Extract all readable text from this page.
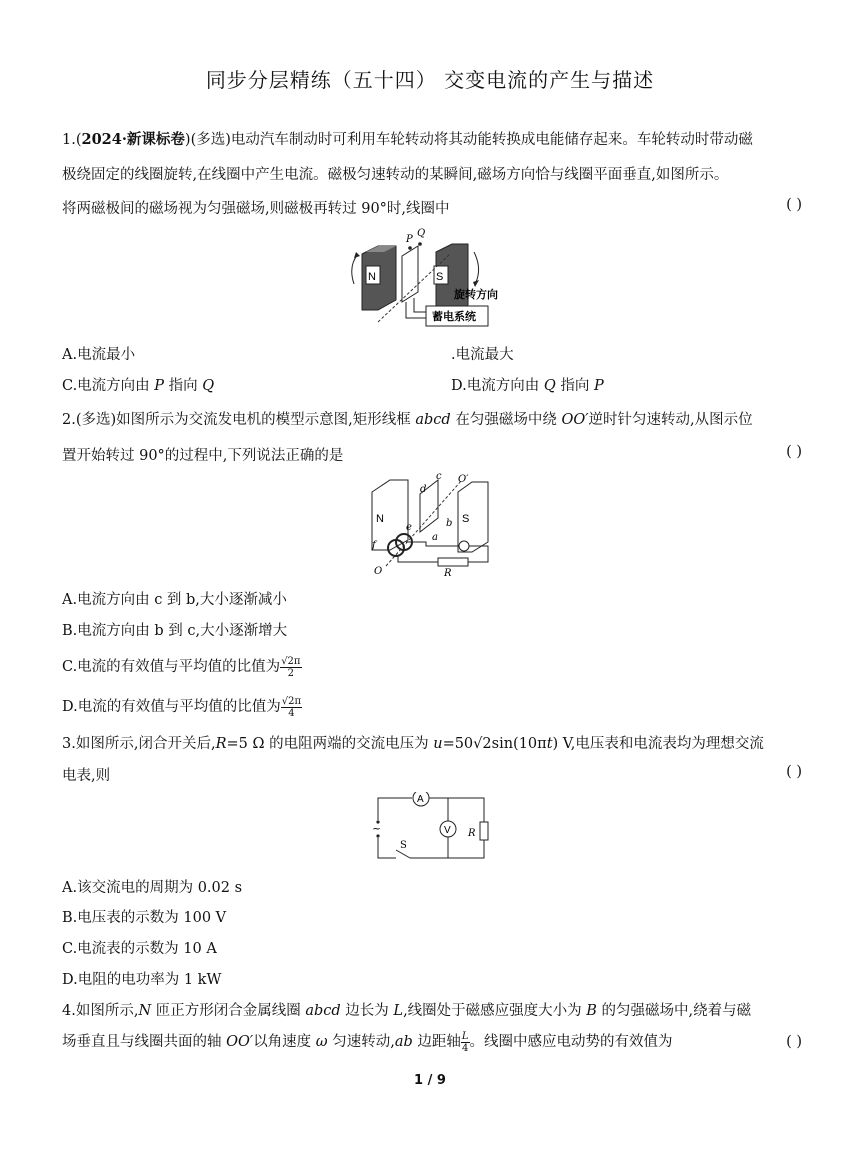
同步分层精练（五十四） 交变电流的产生与描述
1.(2024·新课标卷)(多选)电动汽车制动时可利用车轮转动将其动能转换成电能储存起来。车轮转动时带动磁
极绕固定的线圈旋转,在线圈中产生电流。磁极匀速转动的某瞬间,磁场方向恰与线圈平面垂直,如图所示。
将两磁极间的磁场视为匀强磁场,则磁极再转过 90°时,线圈中	( )
N	S
P
Q
旋转方向
蓄电系统
A.电流最小	.电流最大
C.电流方向由 P 指向 Q	D.电流方向由 Q 指向 P
2.(多选)如图所示为交流发电机的模型示意图,矩形线框 abcd 在匀强磁场中绕 OO′逆时针匀速转动,从图示位
置开始转过 90°的过程中,下列说法正确的是	( )
N	S
c
d
b
a
e
f
O
O′
R
A.电流方向由 c 到 b,大小逐渐减小
B.电流方向由 b 到 c,大小逐渐增大
C.电流的有效值与平均值的比值为 $\frac{√2\pi}{2}$
D.电流的有效值与平均值的比值为 $\frac{√2\pi}{4}$
3.如图所示,闭合开关后,R=5 Ω 的电阻两端的交流电压为 u=50√2sin(10πt) V,电压表和电流表均为理想交流
电表,则	( )
A
~	V R
S
A.该交流电的周期为 0.02 s
B.电压表的示数为 100 V
C.电流表的示数为 10 A
D.电阻的电功率为 1 kW
4.如图所示,N 匝正方形闭合金属线圈 abcd 边长为 L,线圈处于磁感应强度大小为 B 的匀强磁场中,绕着与磁
场垂直且与线圈共面的轴 OO′以角速度 ω 匀速转动,ab 边距轴 $\frac{L}{4}$ 。线圈中感应电动势的有效值为	( )
1 / 9
